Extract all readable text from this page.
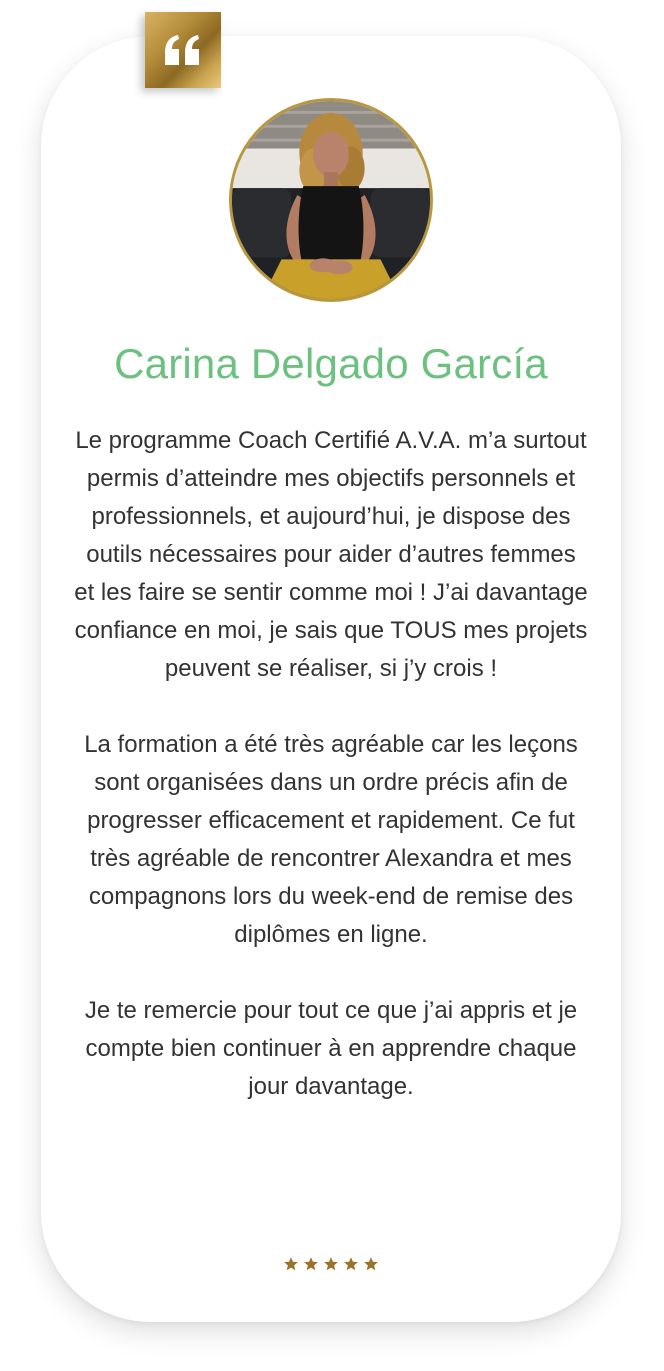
Carina Delgado García

Le programme Coach Certifié A.V.A. m’a surtout permis d’atteindre mes objectifs personnels et professionnels, et aujourd’hui, je dispose des outils nécessaires pour aider d’autres femmes et les faire se sentir comme moi ! J’ai davantage confiance en moi, je sais que TOUS mes projets peuvent se réaliser, si j’y crois !

La formation a été très agréable car les leçons sont organisées dans un ordre précis afin de progresser efficacement et rapidement. Ce fut très agréable de rencontrer Alexandra et mes compagnons lors du week-end de remise des diplômes en ligne.

Je te remercie pour tout ce que j’ai appris et je compte bien continuer à en apprendre chaque jour davantage.
